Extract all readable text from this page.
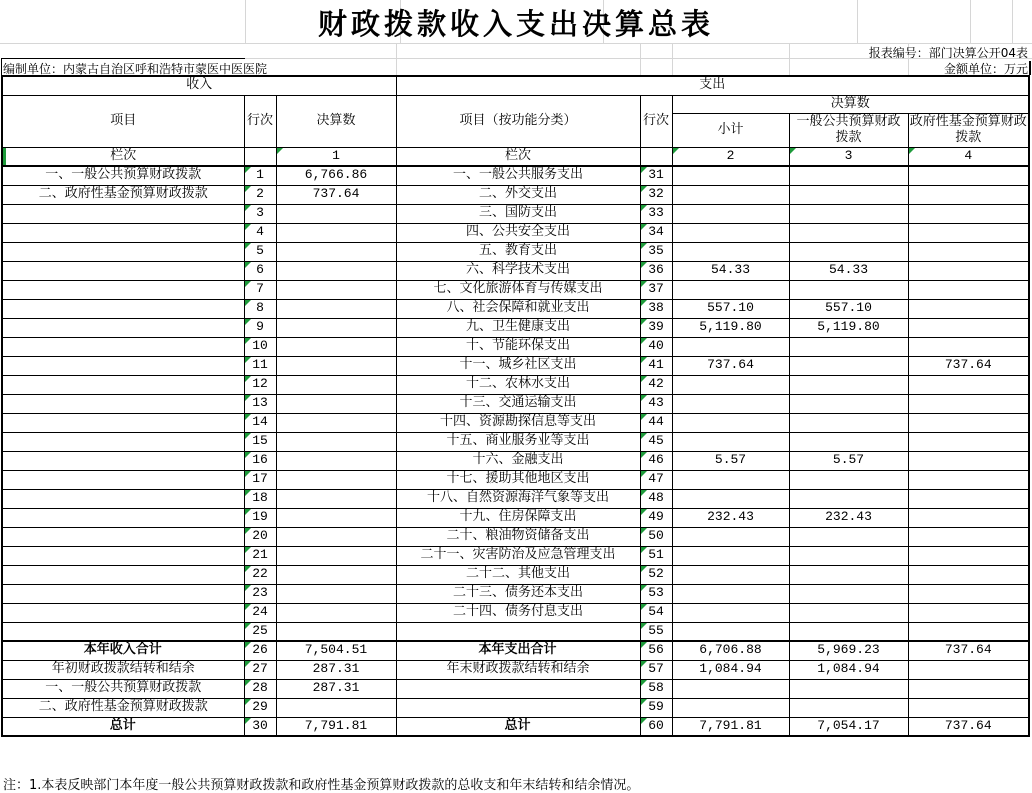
财政拨款收入支出决算总表
报表编号：部门决算公开04表
编制单位：内蒙古自治区呼和浩特市蒙医中医医院	金额单位：万元
收入			支出				
项目	行次	决算数	项目（按功能分类）	行次	决算数		
					小计	一般公共预算财政拨款	政府性基金预算财政拨款
栏次		1	栏次		2	3	4
一、一般公共预算财政拨款	1	6,766.86	一、一般公共服务支出	31			
二、政府性基金预算财政拨款	2	737.64	二、外交支出	32			
	3		三、国防支出	33			
	4		四、公共安全支出	34			
	5		五、教育支出	35			
	6		六、科学技术支出	36	54.33	54.33	
	7		七、文化旅游体育与传媒支出	37			
	8		八、社会保障和就业支出	38	557.10	557.10	
	9		九、卫生健康支出	39	5,119.80	5,119.80	
	10		十、节能环保支出	40			
	11		十一、城乡社区支出	41	737.64		737.64
	12		十二、农林水支出	42			
	13		十三、交通运输支出	43			
	14		十四、资源勘探信息等支出	44			
	15		十五、商业服务业等支出	45			
	16		十六、金融支出	46	5.57	5.57	
	17		十七、援助其他地区支出	47			
	18		十八、自然资源海洋气象等支出	48			
	19		十九、住房保障支出	49	232.43	232.43	
	20		二十、粮油物资储备支出	50			
	21		二十一、灾害防治及应急管理支出	51			
	22		二十二、其他支出	52			
	23		二十三、债务还本支出	53			
	24		二十四、债务付息支出	54			
	25			55			
本年收入合计	26	7,504.51	本年支出合计	56	6,706.88	5,969.23	737.64
年初财政拨款结转和结余	27	287.31	年末财政拨款结转和结余	57	1,084.94	1,084.94	
一、一般公共预算财政拨款	28	287.31		58			
二、政府性基金预算财政拨款	29			59			
总计	30	7,791.81	总计	60	7,791.81	7,054.17	737.64
注：1.本表反映部门本年度一般公共预算财政拨款和政府性基金预算财政拨款的总收支和年末结转和结余情况。
